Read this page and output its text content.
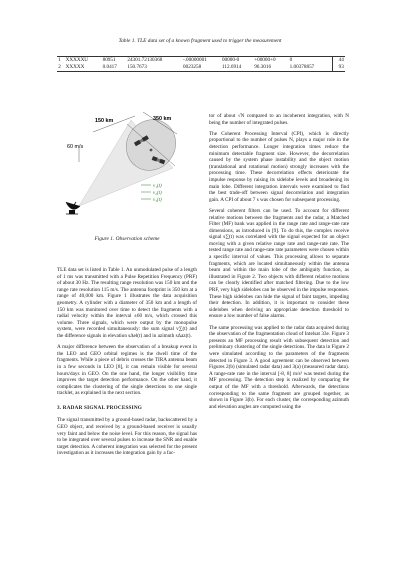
Table 1. TLE data set of a known fragment used to trigger the measurement
1	XXXXXU	80951	24301.72130368	-.00000001	00000-0	+00000+0	0		44
2	XXXXX	0.0417	150.7673	0023258	112.6914	96.3016	1.00378857		93
150 km	350 km
60 m/s
v₁(t)
v₂(t)
v₃(t)
Figure 1. Observation scheme

TLE data set is listed in Table 1. An unmodulated pulse of a length of 1 ms was transmitted with a Pulse Repetition Frequency (PRF) of about 30 Hz. The resulting range resolution was 150 km and the range rate resolution 115 m/s. The antenna footprint is 350 km at a range of 40,000 km. Figure 1 illustrates the data acquisition geometry. A cylinder with a diameter of 350 km and a length of 150 km was monitored over time to detect the fragments with a radial velocity within the interval ±60 m/s, which crossed this volume. Three signals, which were output by the monopulse system, were recorded simultaneously: the sum signal v∑(t) and the difference signals in elevation sΔel(t) and in azimuth sΔaz(t).

A major difference between the observation of a breakup event in the LEO and GEO orbital regimes is the dwell time of the fragments. While a piece of debris crosses the TIRA antenna beam in a few seconds in LEO [8], it can remain visible for several hours/days in GEO. On the one hand, the longer visibility time improves the target detection performance. On the other hand, it complicates the clustering of the single detections to one single tracklet, as explained in the next section.

3. RADAR SIGNAL PROCESSING

The signal transmitted by a ground-based radar, backscattered by a GEO object, and received by a ground-based receiver is usually very faint and below the noise level. For this reason, the signal has to be integrated over several pulses to increase the SNR and enable target detection. A coherent integration was selected for the present investigation as it increases the integration gain by a fac-

tor of about √N compared to an incoherent integration, with N being the number of integrated pulses.

The Coherent Processing Interval (CPI), which is directly proportional to the number of pulses N, plays a major role in the detection performance. Longer integration times reduce the minimum detectable fragment size. However, the decorrelation caused by the system phase instability and the object motion (translational and rotational motion) strongly increases with the processing time. These decorrelation effects deteriorate the impulse response by raising its sidelobe levels and broadening its main lobe. Different integration intervals were examined to find the best trade-off between signal decorrelation and integration gain. A CPI of about 7 s was chosen for subsequent processing.

Several coherent filters can be used. To account for different relative motions between the fragments and the radar, a Matched Filter (MF) bank was applied in the range rate and range-rate rate dimensions, as introduced in [9]. To do this, the complex receive signal s∑(t) was correlated with the signal expected for an object moving with a given relative range rate and range-rate rate. The tested range rate and range-rate rate parameters were chosen within a specific interval of values. This processing allows to separate fragments, which are located simultaneously within the antenna beam and within the main lobe of the ambiguity function, as illustrated in Figure 2. Two objects with different relative motions can be clearly identified after matched filtering. Due to the low PRF, very high sidelobes can be observed in the impulse responses. These high sidelobes can hide the signal of faint targets, impeding their detection. In addition, it is important to consider these sidelobes when deriving an appropriate detection threshold to ensure a low number of false alarms.

The same processing was applied to the radar data acquired during the observation of the fragmentation cloud of Intelsat 33e. Figure 3 presents an MF processing result with subsequent detection and preliminary clustering of the single detections. The data in Figure 2 were simulated according to the parameters of the fragments detected in Figure 3. A good agreement can be observed between Figures 2(b) (simulated radar data) and 3(a) (measured radar data). A range-rate rate in the interval [-8, 8] m/s² was tested during the MF processing. The detection step is realized by comparing the output of the MF with a threshold. Afterwards, the detections corresponding to the same fragment are grouped together, as shown in Figure 3(b). For each cluster, the corresponding azimuth and elevation angles are computed using the
